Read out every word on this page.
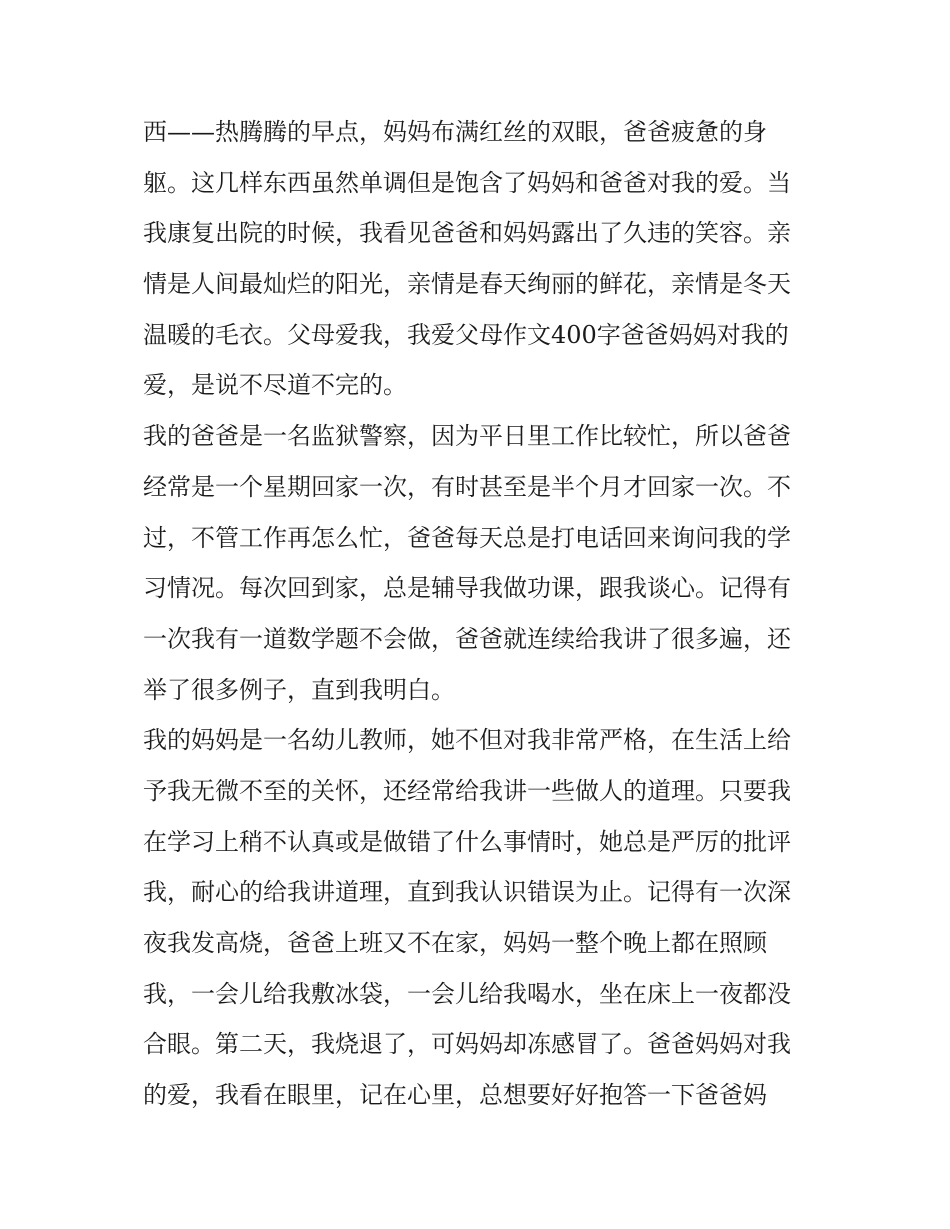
西——热腾腾的早点，妈妈布满红丝的双眼，爸爸疲惫的身
躯。这几样东西虽然单调但是饱含了妈妈和爸爸对我的爱。当
我康复出院的时候，我看见爸爸和妈妈露出了久违的笑容。亲
情是人间最灿烂的阳光，亲情是春天绚丽的鲜花，亲情是冬天
温暖的毛衣。父母爱我，我爱父母作文400字爸爸妈妈对我的
爱，是说不尽道不完的。
我的爸爸是一名监狱警察，因为平日里工作比较忙，所以爸爸
经常是一个星期回家一次，有时甚至是半个月才回家一次。不
过，不管工作再怎么忙，爸爸每天总是打电话回来询问我的学
习情况。每次回到家，总是辅导我做功课，跟我谈心。记得有
一次我有一道数学题不会做，爸爸就连续给我讲了很多遍，还
举了很多例子，直到我明白。
我的妈妈是一名幼儿教师，她不但对我非常严格，在生活上给
予我无微不至的关怀，还经常给我讲一些做人的道理。只要我
在学习上稍不认真或是做错了什么事情时，她总是严厉的批评
我，耐心的给我讲道理，直到我认识错误为止。记得有一次深
夜我发高烧，爸爸上班又不在家，妈妈一整个晚上都在照顾
我，一会儿给我敷冰袋，一会儿给我喝水，坐在床上一夜都没
合眼。第二天，我烧退了，可妈妈却冻感冒了。爸爸妈妈对我
的爱，我看在眼里，记在心里，总想要好好抱答一下爸爸妈
